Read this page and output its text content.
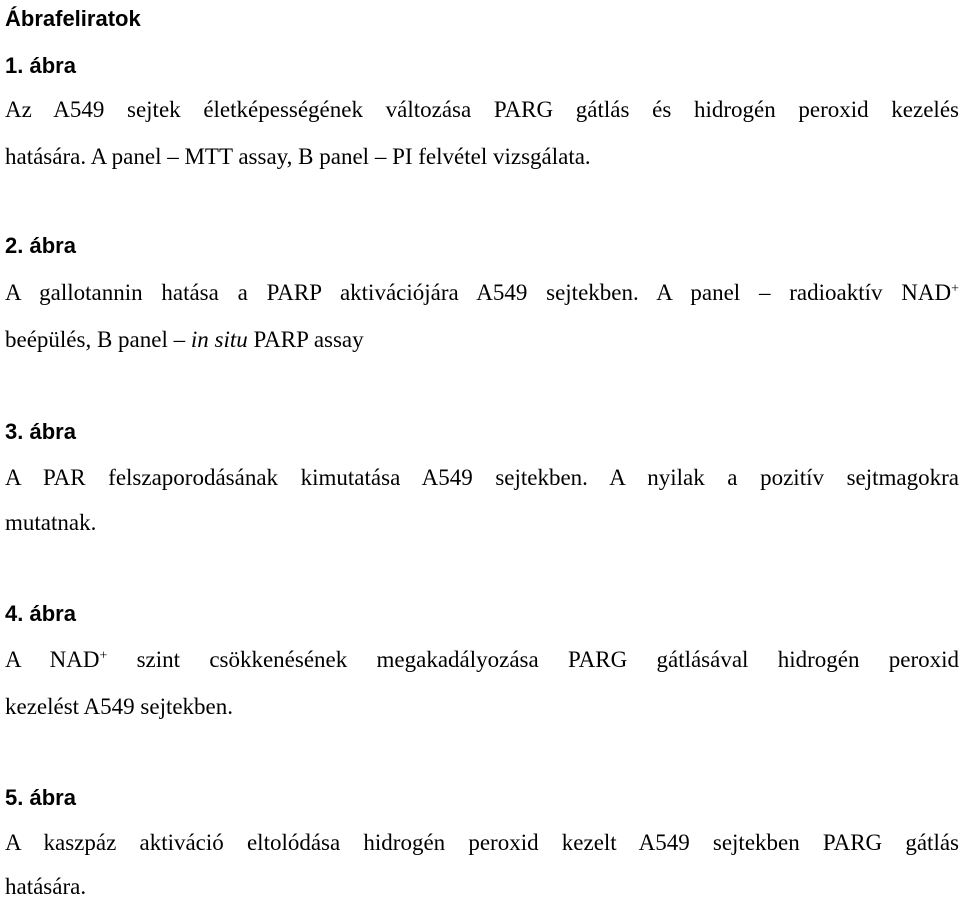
Ábrafeliratok
1. ábra
Az A549 sejtek életképességének változása PARG gátlás és hidrogén peroxid kezelés
hatására. A panel – MTT assay, B panel – PI felvétel vizsgálata.
2. ábra
A gallotannin hatása a PARP aktivációjára A549 sejtekben. A panel – radioaktív NAD+
beépülés, B panel – in situ PARP assay
3. ábra
A PAR felszaporodásának kimutatása A549 sejtekben. A nyilak a pozitív sejtmagokra
mutatnak.
4. ábra
A NAD+ szint csökkenésének megakadályozása PARG gátlásával hidrogén peroxid
kezelést A549 sejtekben.
5. ábra
A kaszpáz aktiváció eltolódása hidrogén peroxid kezelt A549 sejtekben PARG gátlás
hatására.
